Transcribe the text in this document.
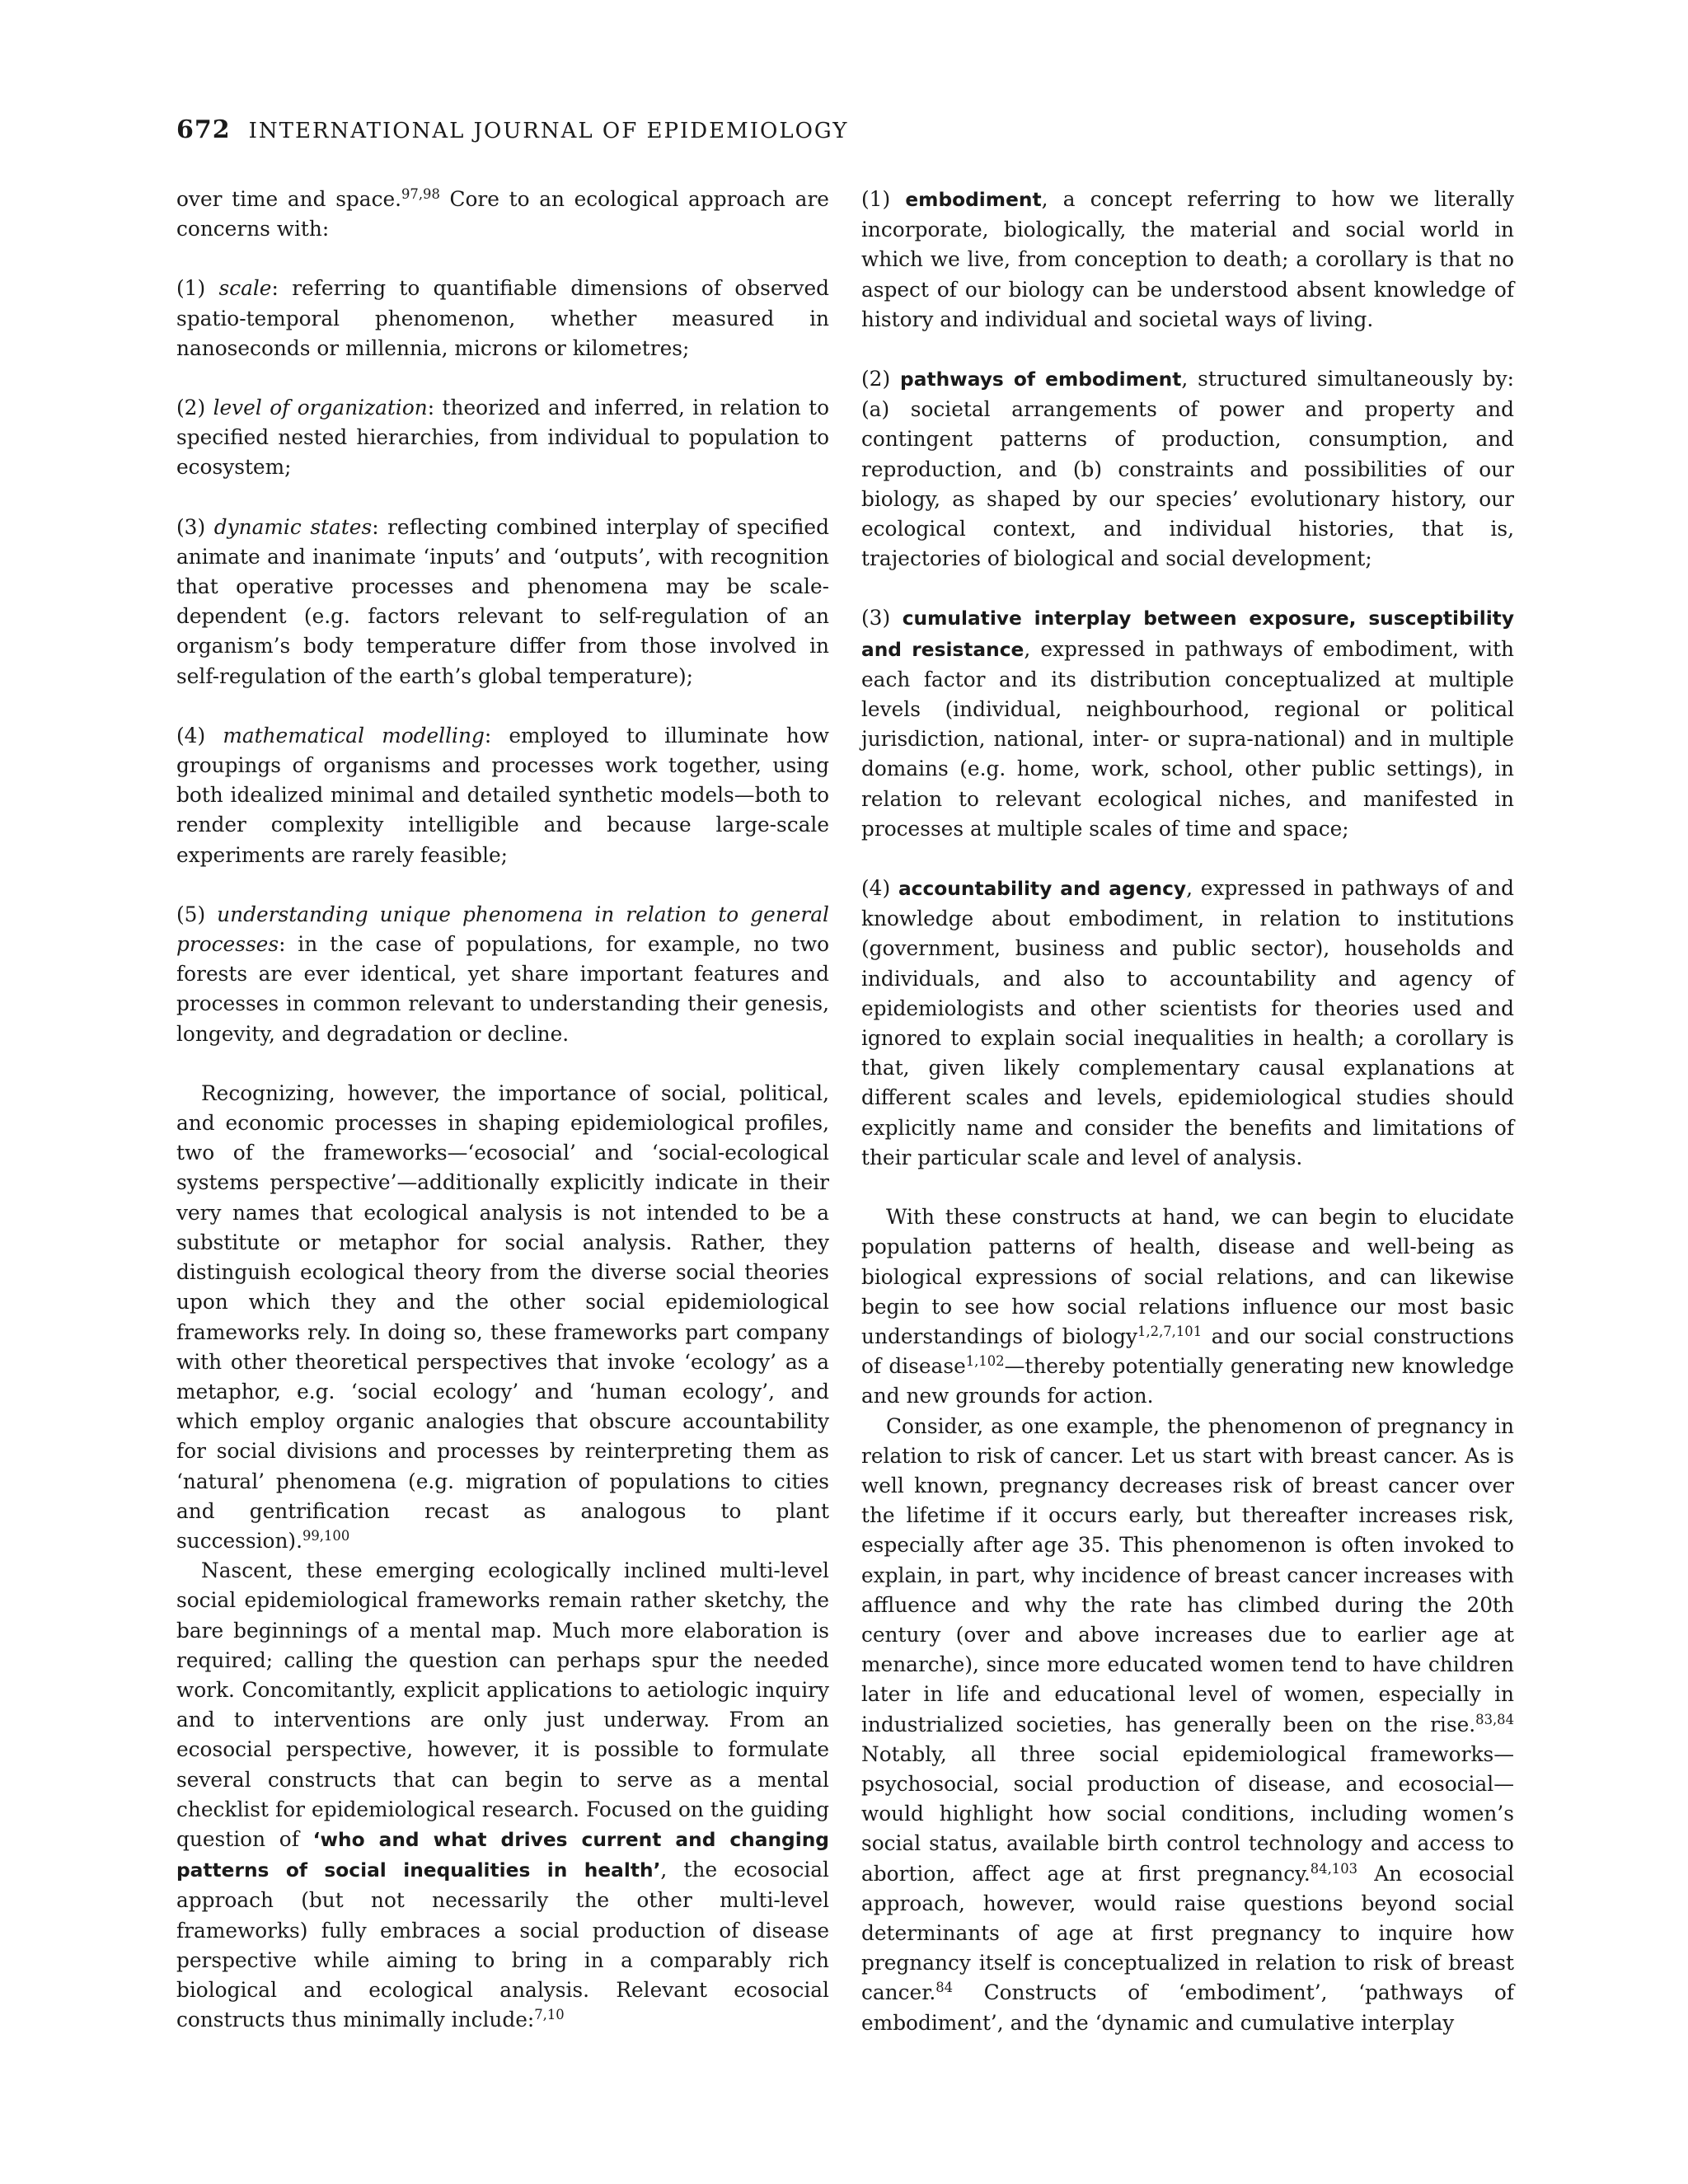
672 INTERNATIONAL JOURNAL OF EPIDEMIOLOGY

over time and space.$^{97,98}$ Core to an ecological approach are concerns with:

(1) scale: referring to quantifiable dimensions of observed spatio-temporal phenomenon, whether measured in nanoseconds or millennia, microns or kilometres;

(2) level of organization: theorized and inferred, in relation to specified nested hierarchies, from individual to population to ecosystem;

(3) dynamic states: reflecting combined interplay of specified animate and inanimate ‘inputs’ and ‘outputs’, with recognition that operative processes and phenomena may be scale-dependent (e.g. factors relevant to self-regulation of an organism’s body temperature differ from those involved in self-regulation of the earth’s global temperature);

(4) mathematical modelling: employed to illuminate how groupings of organisms and processes work together, using both idealized minimal and detailed synthetic models—both to render complexity intelligible and because large-scale experiments are rarely feasible;

(5) understanding unique phenomena in relation to general processes: in the case of populations, for example, no two forests are ever identical, yet share important features and processes in common relevant to understanding their genesis, longevity, and degradation or decline.

Recognizing, however, the importance of social, political, and economic processes in shaping epidemiological profiles, two of the frameworks—‘ecosocial’ and ‘social-ecological systems perspective’—additionally explicitly indicate in their very names that ecological analysis is not intended to be a substitute or metaphor for social analysis. Rather, they distinguish ecological theory from the diverse social theories upon which they and the other social epidemiological frameworks rely. In doing so, these frameworks part company with other theoretical perspectives that invoke ‘ecology’ as a metaphor, e.g. ‘social ecology’ and ‘human ecology’, and which employ organic analogies that obscure accountability for social divisions and processes by reinterpreting them as ‘natural’ phenomena (e.g. migration of populations to cities and gentrification recast as analogous to plant succession).$^{99,100}$

Nascent, these emerging ecologically inclined multi-level social epidemiological frameworks remain rather sketchy, the bare beginnings of a mental map. Much more elaboration is required; calling the question can perhaps spur the needed work. Concomitantly, explicit applications to aetiologic inquiry and to interventions are only just underway. From an ecosocial perspective, however, it is possible to formulate several constructs that can begin to serve as a mental checklist for epidemiological research. Focused on the guiding question of ‘who and what drives current and changing patterns of social inequalities in health’, the ecosocial approach (but not necessarily the other multi-level frameworks) fully embraces a social production of disease perspective while aiming to bring in a comparably rich biological and ecological analysis. Relevant ecosocial constructs thus minimally include:$^{7,10}$

(1) embodiment, a concept referring to how we literally incorporate, biologically, the material and social world in which we live, from conception to death; a corollary is that no aspect of our biology can be understood absent knowledge of history and individual and societal ways of living.

(2) pathways of embodiment, structured simultaneously by: (a) societal arrangements of power and property and contingent patterns of production, consumption, and reproduction, and (b) constraints and possibilities of our biology, as shaped by our species’ evolutionary history, our ecological context, and individual histories, that is, trajectories of biological and social development;

(3) cumulative interplay between exposure, susceptibility and resistance, expressed in pathways of embodiment, with each factor and its distribution conceptualized at multiple levels (individual, neighbourhood, regional or political jurisdiction, national, inter- or supra-national) and in multiple domains (e.g. home, work, school, other public settings), in relation to relevant ecological niches, and manifested in processes at multiple scales of time and space;

(4) accountability and agency, expressed in pathways of and knowledge about embodiment, in relation to institutions (government, business and public sector), households and individuals, and also to accountability and agency of epidemiologists and other scientists for theories used and ignored to explain social inequalities in health; a corollary is that, given likely complementary causal explanations at different scales and levels, epidemiological studies should explicitly name and consider the benefits and limitations of their particular scale and level of analysis.

With these constructs at hand, we can begin to elucidate population patterns of health, disease and well-being as biological expressions of social relations, and can likewise begin to see how social relations influence our most basic understandings of biology$^{1,2,7,101}$ and our social constructions of disease$^{1,102}$—thereby potentially generating new knowledge and new grounds for action.

Consider, as one example, the phenomenon of pregnancy in relation to risk of cancer. Let us start with breast cancer. As is well known, pregnancy decreases risk of breast cancer over the lifetime if it occurs early, but thereafter increases risk, especially after age 35. This phenomenon is often invoked to explain, in part, why incidence of breast cancer increases with affluence and why the rate has climbed during the 20th century (over and above increases due to earlier age at menarche), since more educated women tend to have children later in life and educational level of women, especially in industrialized societies, has generally been on the rise.$^{83,84}$ Notably, all three social epidemiological frameworks—psychosocial, social production of disease, and ecosocial—would highlight how social conditions, including women’s social status, available birth control technology and access to abortion, affect age at first pregnancy.$^{84,103}$ An ecosocial approach, however, would raise questions beyond social determinants of age at first pregnancy to inquire how pregnancy itself is conceptualized in relation to risk of breast cancer.$^{84}$ Constructs of ‘embodiment’, ‘pathways of embodiment’, and the ‘dynamic and cumulative interplay
